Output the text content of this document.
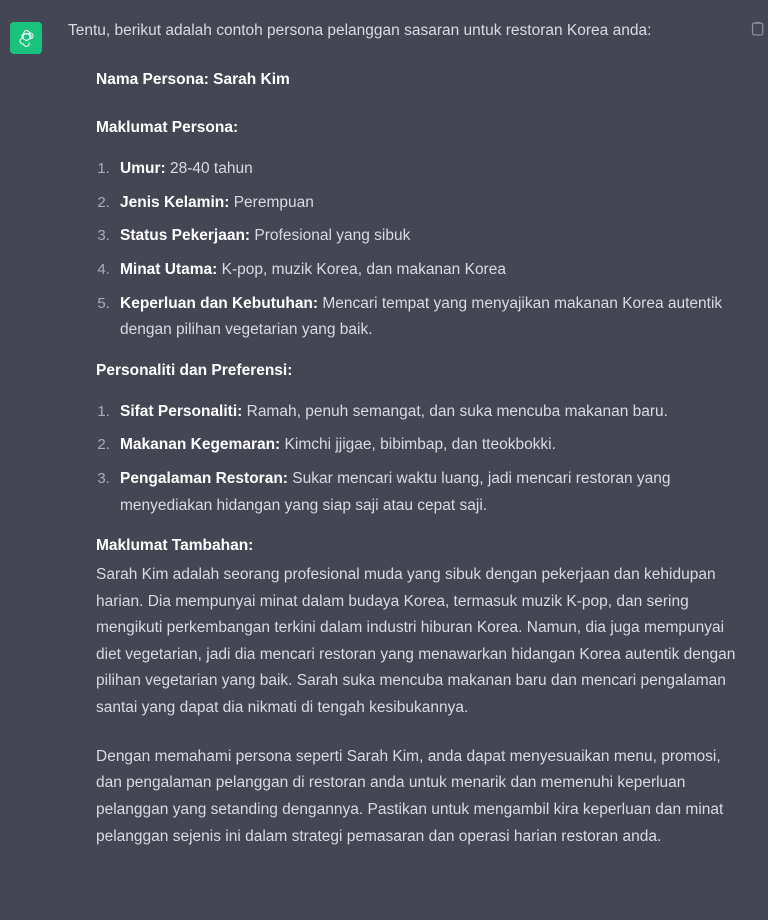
Tentu, berikut adalah contoh persona pelanggan sasaran untuk restoran Korea anda:

Nama Persona: Sarah Kim

Maklumat Persona:

1. Umur: 28-40 tahun
2. Jenis Kelamin: Perempuan
3. Status Pekerjaan: Profesional yang sibuk
4. Minat Utama: K-pop, muzik Korea, dan makanan Korea
5. Keperluan dan Kebutuhan: Mencari tempat yang menyajikan makanan Korea autentik dengan pilihan vegetarian yang baik.

Personaliti dan Preferensi:

1. Sifat Personaliti: Ramah, penuh semangat, dan suka mencuba makanan baru.
2. Makanan Kegemaran: Kimchi jjigae, bibimbap, dan tteokbokki.
3. Pengalaman Restoran: Sukar mencari waktu luang, jadi mencari restoran yang menyediakan hidangan yang siap saji atau cepat saji.

Maklumat Tambahan:

Sarah Kim adalah seorang profesional muda yang sibuk dengan pekerjaan dan kehidupan harian. Dia mempunyai minat dalam budaya Korea, termasuk muzik K-pop, dan sering mengikuti perkembangan terkini dalam industri hiburan Korea. Namun, dia juga mempunyai diet vegetarian, jadi dia mencari restoran yang menawarkan hidangan Korea autentik dengan pilihan vegetarian yang baik. Sarah suka mencuba makanan baru dan mencari pengalaman santai yang dapat dia nikmati di tengah kesibukannya.

Dengan memahami persona seperti Sarah Kim, anda dapat menyesuaikan menu, promosi, dan pengalaman pelanggan di restoran anda untuk menarik dan memenuhi keperluan pelanggan yang setanding dengannya. Pastikan untuk mengambil kira keperluan dan minat pelanggan sejenis ini dalam strategi pemasaran dan operasi harian restoran anda.
